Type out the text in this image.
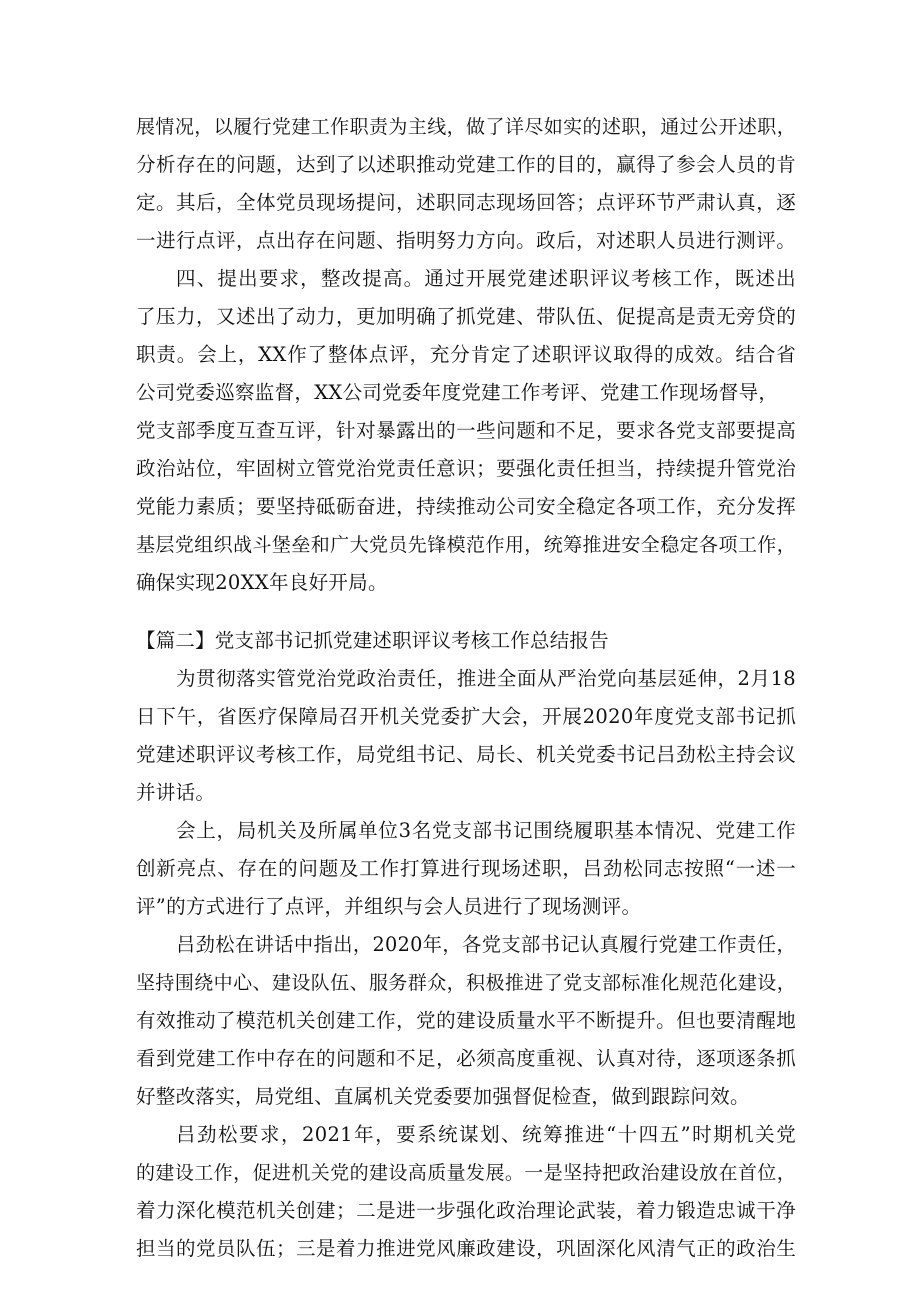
展情况，以履行党建工作职责为主线，做了详尽如实的述职，通过公开述职，
分析存在的问题，达到了以述职推动党建工作的目的，赢得了参会人员的肯
定。其后，全体党员现场提问，述职同志现场回答；点评环节严肃认真，逐
一进行点评，点出存在问题、指明努力方向。政后，对述职人员进行测评。
四、提出要求，整改提高。通过开展党建述职评议考核工作，既述出
了压力，又述出了动力，更加明确了抓党建、带队伍、促提高是责无旁贷的
职责。会上，XX作了整体点评，充分肯定了述职评议取得的成效。结合省
公司党委巡察监督，XX公司党委年度党建工作考评、党建工作现场督导，
党支部季度互查互评，针对暴露出的一些问题和不足，要求各党支部要提高
政治站位，牢固树立管党治党责任意识；要强化责任担当，持续提升管党治
党能力素质；要坚持砥砺奋进，持续推动公司安全稳定各项工作，充分发挥
基层党组织战斗堡垒和广大党员先锋模范作用，统筹推进安全稳定各项工作，
确保实现20XX年良好开局。
【篇二】党支部书记抓党建述职评议考核工作总结报告
为贯彻落实管党治党政治责任，推进全面从严治党向基层延伸，2月18
日下午，省医疗保障局召开机关党委扩大会，开展2020年度党支部书记抓
党建述职评议考核工作，局党组书记、局长、机关党委书记吕劲松主持会议
并讲话。
会上，局机关及所属单位3名党支部书记围绕履职基本情况、党建工作
创新亮点、存在的问题及工作打算进行现场述职，吕劲松同志按照“一述一
评”的方式进行了点评，并组织与会人员进行了现场测评。
吕劲松在讲话中指出，2020年，各党支部书记认真履行党建工作责任，
坚持围绕中心、建设队伍、服务群众，积极推进了党支部标准化规范化建设，
有效推动了模范机关创建工作，党的建设质量水平不断提升。但也要清醒地
看到党建工作中存在的问题和不足，必须高度重视、认真对待，逐项逐条抓
好整改落实，局党组、直属机关党委要加强督促检查，做到跟踪问效。
吕劲松要求，2021年，要系统谋划、统筹推进“十四五”时期机关党
的建设工作，促进机关党的建设高质量发展。一是坚持把政治建设放在首位，
着力深化模范机关创建；二是进一步强化政治理论武装，着力锻造忠诚干净
担当的党员队伍；三是着力推进党风廉政建设，巩固深化风清气正的政治生
